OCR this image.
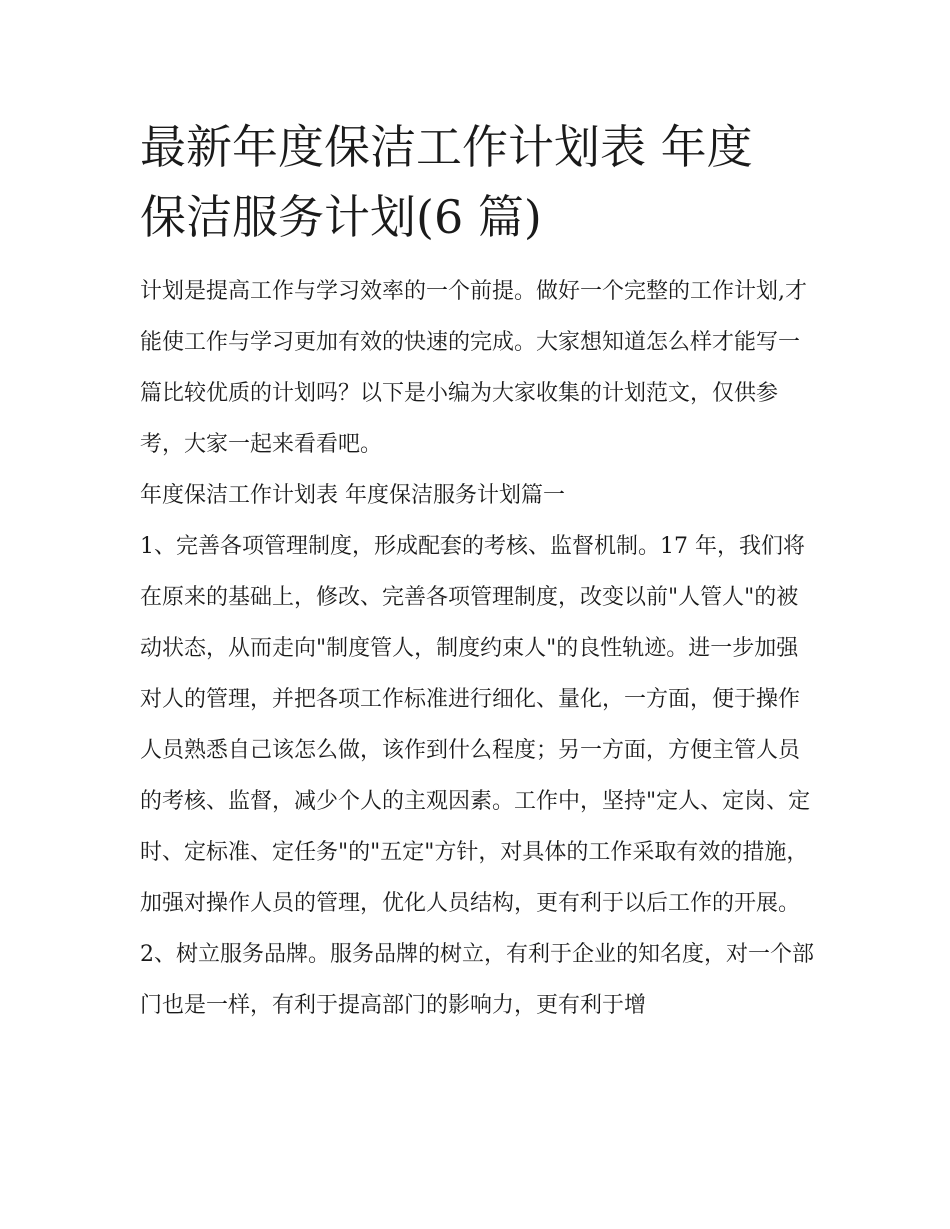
最新年度保洁工作计划表 年度
保洁服务计划(6 篇)
计划是提高工作与学习效率的一个前提。做好一个完整的工作计划,才能使工作与学习更加有效的快速的完成。大家想知道怎么样才能写一篇比较优质的计划吗？以下是小编为大家收集的计划范文，仅供参考，大家一起来看看吧。
年度保洁工作计划表 年度保洁服务计划篇一
1、完善各项管理制度，形成配套的考核、监督机制。17 年，我们将在原来的基础上，修改、完善各项管理制度，改变以前"人管人"的被动状态，从而走向"制度管人，制度约束人"的良性轨迹。进一步加强对人的管理，并把各项工作标准进行细化、量化，一方面，便于操作人员熟悉自己该怎么做，该作到什么程度；另一方面，方便主管人员的考核、监督，减少个人的主观因素。工作中，坚持"定人、定岗、定时、定标准、定任务"的"五定"方针，对具体的工作采取有效的措施，加强对操作人员的管理，优化人员结构，更有利于以后工作的开展。
2、树立服务品牌。服务品牌的树立，有利于企业的知名度，对一个部门也是一样，有利于提高部门的影响力，更有利于增
